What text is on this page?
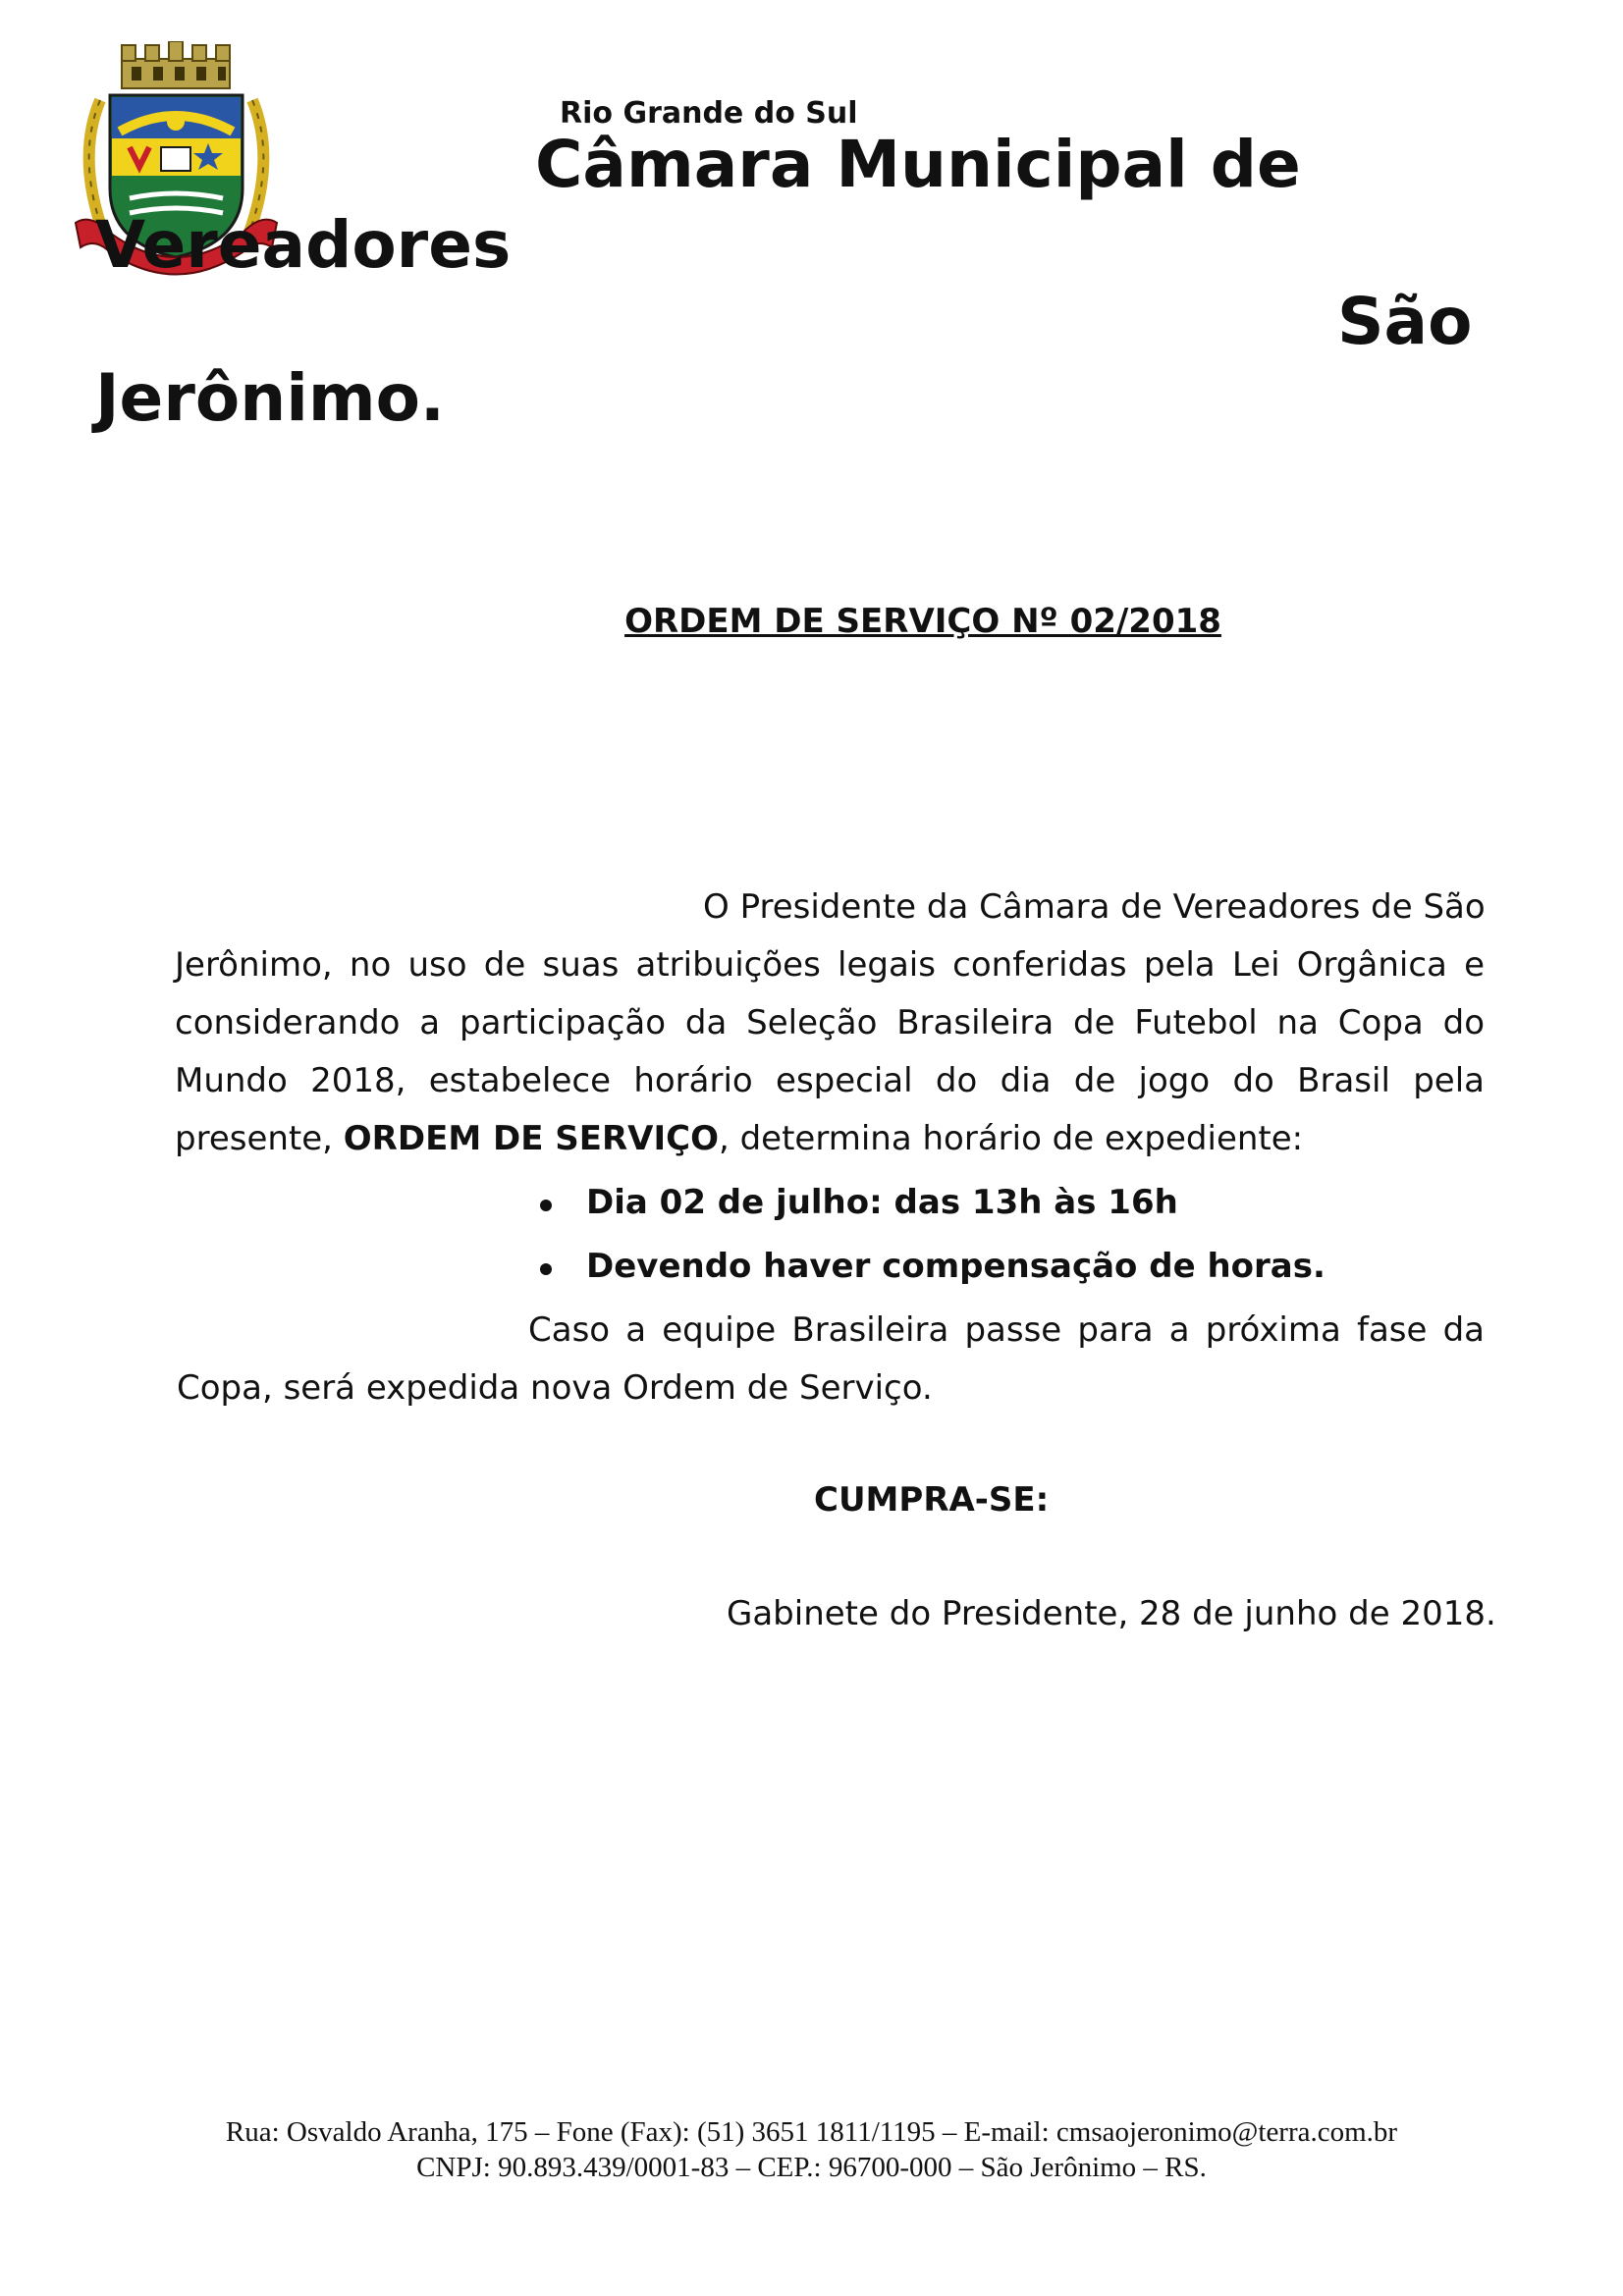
Rio Grande do Sul
Câmara Municipal de
Vereadores
São
Jerônimo.
ORDEM DE SERVIÇO Nº 02/2018
O Presidente da Câmara de Vereadores de São
Jerônimo, no uso de suas atribuições legais conferidas pela Lei Orgânica e
considerando a participação da Seleção Brasileira de Futebol na Copa do
Mundo 2018, estabelece horário especial do dia de jogo do Brasil pela
presente, ORDEM DE SERVIÇO, determina horário de expediente:
Dia 02 de julho: das 13h às 16h
Devendo haver compensação de horas.
Caso a equipe Brasileira passe para a próxima fase da
Copa, será expedida nova Ordem de Serviço.
CUMPRA-SE:
Gabinete do Presidente, 28 de junho de 2018.
Rua: Osvaldo Aranha, 175 – Fone (Fax): (51) 3651 1811/1195 – E-mail: cmsaojeronimo@terra.com.br
CNPJ: 90.893.439/0001-83 – CEP.: 96700-000 – São Jerônimo – RS.
